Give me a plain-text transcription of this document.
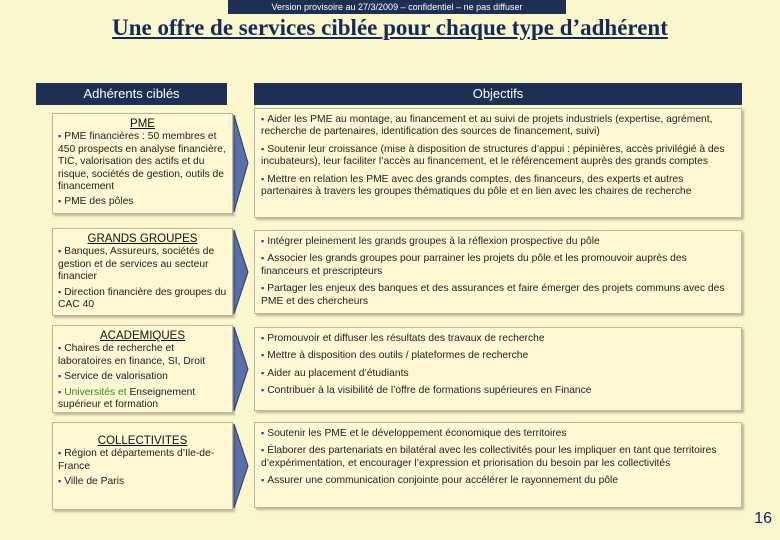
Version provisoire au 27/3/2009 – confidentiel – ne pas diffuser
Une offre de services ciblée pour chaque type d’adhérent
Adhérents ciblés	Objectifs
PME
▪ PME financières : 50 membres et 450 prospects en analyse financière, TIC, valorisation des actifs et du risque, sociétés de gestion, outils de financement
▪ PME des pôles
▪ Aider les PME au montage, au financement et au suivi de projets industriels (expertise, agrément, recherche de partenaires, identification des sources de financement, suivi)
▪ Soutenir leur croissance (mise à disposition de structures d’appui : pépinières, accès privilégié à des incubateurs), leur faciliter l’accès au financement, et le référencement auprès des grands comptes
▪ Mettre en relation les PME avec des grands comptes, des financeurs, des experts et autres partenaires à travers les groupes thématiques du pôle et en lien avec les chaires de recherche
GRANDS GROUPES
▪ Banques, Assureurs, sociétés de gestion et de services au secteur financier
▪ Direction financière des groupes du CAC 40
▪ Intégrer pleinement les grands groupes à la réflexion prospective du pôle
▪ Associer les grands groupes pour parrainer les projets du pôle et les promouvoir auprès des financeurs et prescripteurs
▪ Partager les enjeux des banques et des assurances et faire émerger des projets communs avec des PME et des chercheurs
ACADEMIQUES
▪ Chaires de recherche et laboratoires en finance, SI, Droit
▪ Service de valorisation
▪ Universités et Enseignement supérieur et formation
▪ Promouvoir et diffuser les résultats des travaux de recherche
▪ Mettre à disposition des outils / plateformes de recherche
▪ Aider au placement d’étudiants
▪ Contribuer à la visibilité de l’offre de formations supérieures en Finance
COLLECTIVITES
▪ Région et départements d’Ile-de-France
▪ Ville de Paris
▪ Soutenir les PME et le développement économique des territoires
▪ Élaborer des partenariats en bilatéral avec les collectivités pour les impliquer en tant que territoires d’expérimentation, et encourager l’expression et priorisation du besoin par les collectivités
▪ Assurer une communication conjointe pour accélérer le rayonnement du pôle
16
